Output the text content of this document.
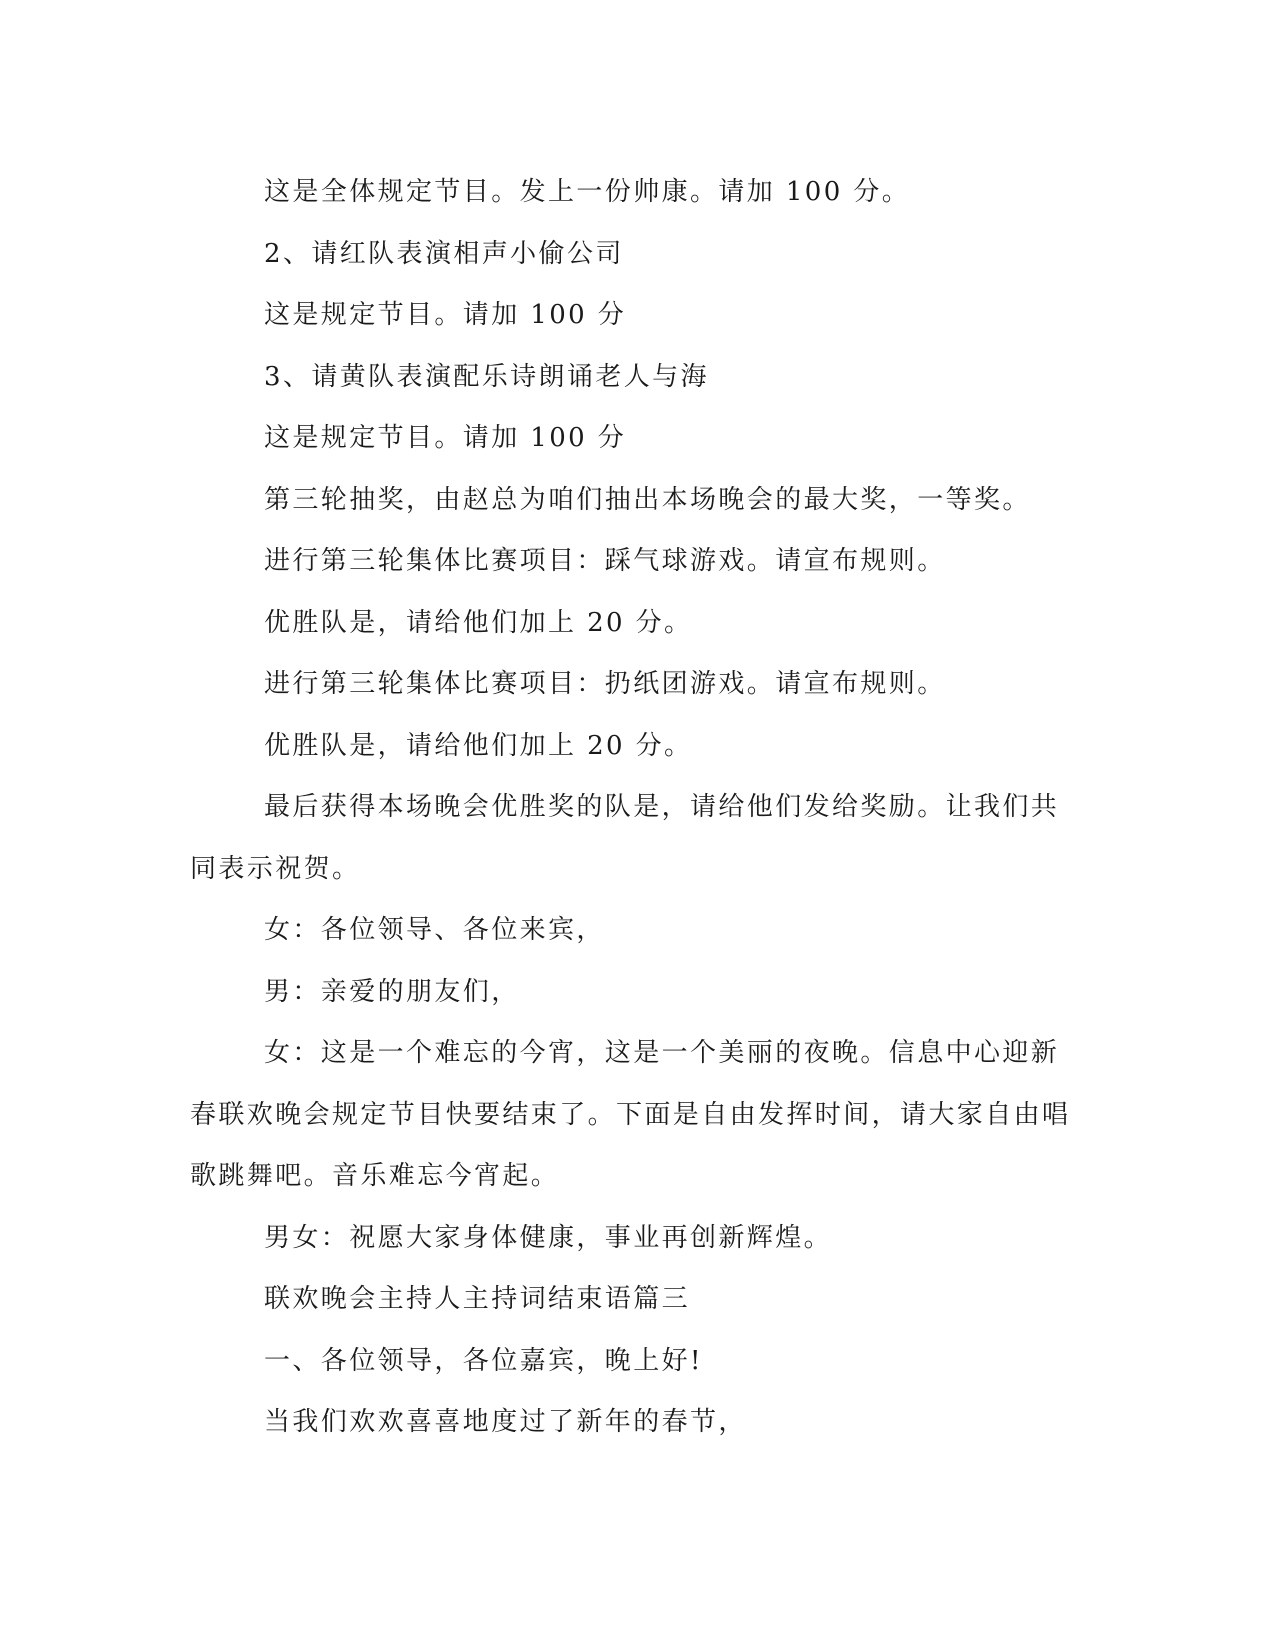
这是全体规定节目。发上一份帅康。请加 100 分。

2、请红队表演相声小偷公司

这是规定节目。请加 100 分

3、请黄队表演配乐诗朗诵老人与海

这是规定节目。请加 100 分

第三轮抽奖，由赵总为咱们抽出本场晚会的最大奖，一等奖。

进行第三轮集体比赛项目：踩气球游戏。请宣布规则。

优胜队是，请给他们加上 20 分。

进行第三轮集体比赛项目：扔纸团游戏。请宣布规则。

优胜队是，请给他们加上 20 分。

最后获得本场晚会优胜奖的队是，请给他们发给奖励。让我们共同表示祝贺。

女：各位领导、各位来宾，

男：亲爱的朋友们，

女：这是一个难忘的今宵，这是一个美丽的夜晚。信息中心迎新春联欢晚会规定节目快要结束了。下面是自由发挥时间，请大家自由唱歌跳舞吧。音乐难忘今宵起。

男女：祝愿大家身体健康，事业再创新辉煌。

联欢晚会主持人主持词结束语篇三

一、各位领导，各位嘉宾，晚上好!

当我们欢欢喜喜地度过了新年的春节，
